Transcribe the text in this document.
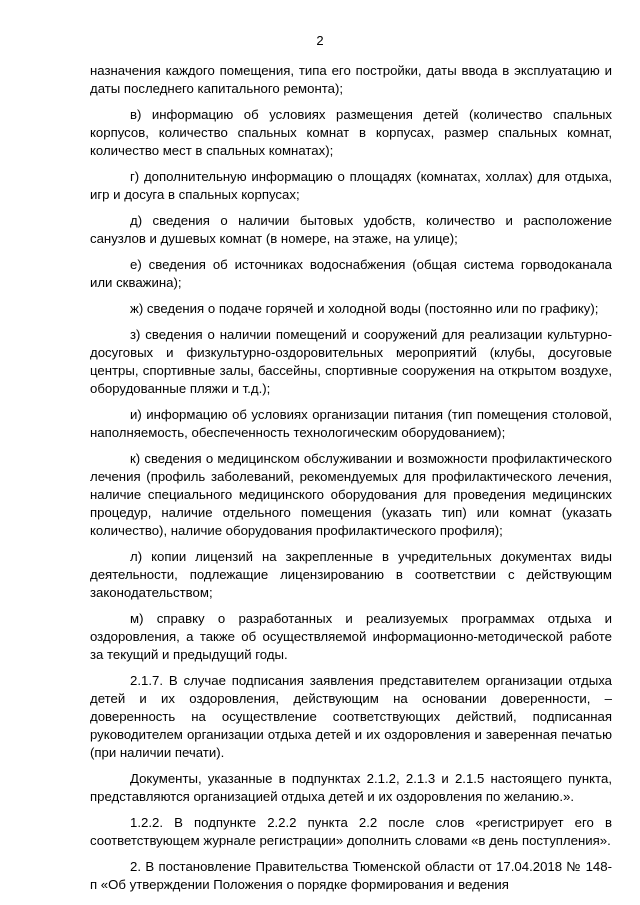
2

назначения каждого помещения, типа его постройки, даты ввода в эксплуатацию и даты последнего капитального ремонта);

в) информацию об условиях размещения детей (количество спальных корпусов, количество спальных комнат в корпусах, размер спальных комнат, количество мест в спальных комнатах);

г) дополнительную информацию о площадях (комнатах, холлах) для отдыха, игр и досуга в спальных корпусах;

д) сведения о наличии бытовых удобств, количество и расположение санузлов и душевых комнат (в номере, на этаже, на улице);

е) сведения об источниках водоснабжения (общая система горводоканала или скважина);

ж) сведения о подаче горячей и холодной воды (постоянно или по графику);

з) сведения о наличии помещений и сооружений для реализации культурно-досуговых и физкультурно-оздоровительных мероприятий (клубы, досуговые центры, спортивные залы, бассейны, спортивные сооружения на открытом воздухе, оборудованные пляжи и т.д.);

и) информацию об условиях организации питания (тип помещения столовой, наполняемость, обеспеченность технологическим оборудованием);

к) сведения о медицинском обслуживании и возможности профилактического лечения (профиль заболеваний, рекомендуемых для профилактического лечения, наличие специального медицинского оборудования для проведения медицинских процедур, наличие отдельного помещения (указать тип) или комнат (указать количество), наличие оборудования профилактического профиля);

л) копии лицензий на закрепленные в учредительных документах виды деятельности, подлежащие лицензированию в соответствии с действующим законодательством;

м) справку о разработанных и реализуемых программах отдыха и оздоровления, а также об осуществляемой информационно-методической работе за текущий и предыдущий годы.

2.1.7. В случае подписания заявления представителем организации отдыха детей и их оздоровления, действующим на основании доверенности, – доверенность на осуществление соответствующих действий, подписанная руководителем организации отдыха детей и их оздоровления и заверенная печатью (при наличии печати).

Документы, указанные в подпунктах 2.1.2, 2.1.3 и 2.1.5 настоящего пункта, представляются организацией отдыха детей и их оздоровления по желанию.».

1.2.2. В подпункте 2.2.2 пункта 2.2 после слов «регистрирует его в соответствующем журнале регистрации» дополнить словами «в день поступления».

2. В постановление Правительства Тюменской области от 17.04.2018 № 148-п «Об утверждении Положения о порядке формирования и ведения
